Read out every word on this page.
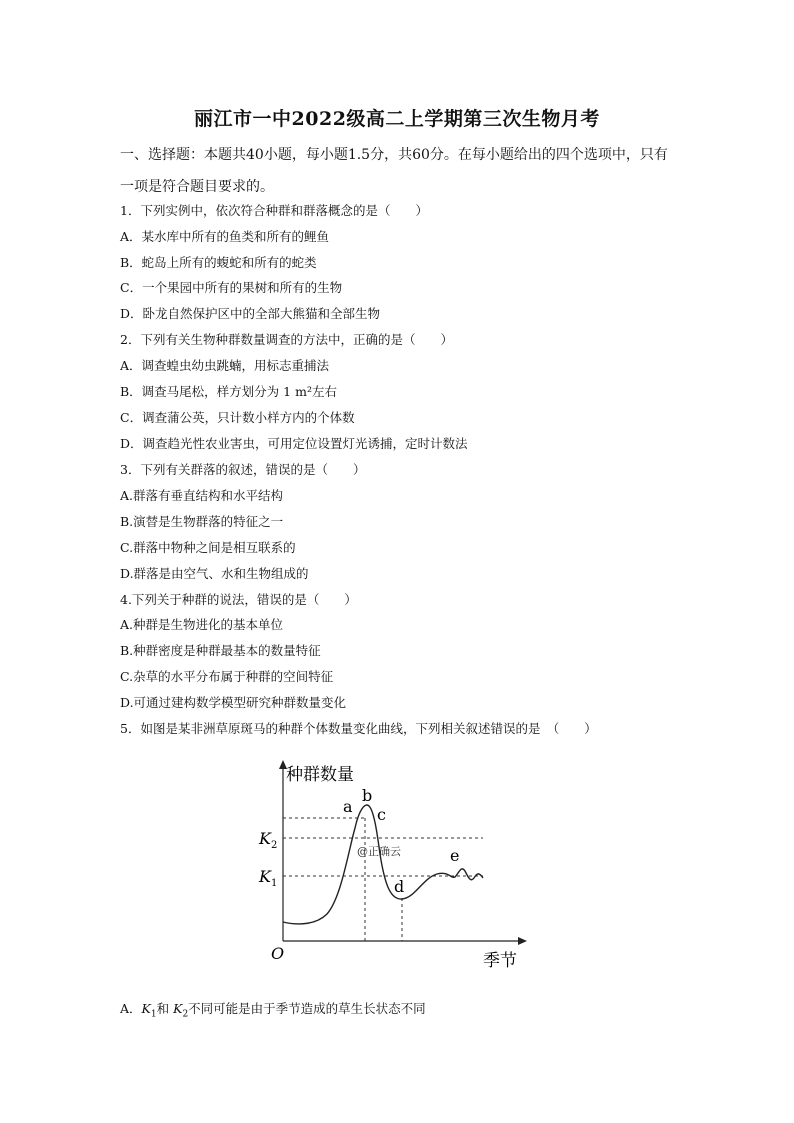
丽江市一中2022级高二上学期第三次生物月考
一、选择题：本题共40小题，每小题1.5分，共60分。在每小题给出的四个选项中，只有
一项是符合题目要求的。
1．下列实例中，依次符合种群和群落概念的是（　　）
A．某水库中所有的鱼类和所有的鲤鱼
B．蛇岛上所有的蝮蛇和所有的蛇类
C．一个果园中所有的果树和所有的生物
D．卧龙自然保护区中的全部大熊猫和全部生物
2．下列有关生物种群数量调查的方法中，正确的是（　　）
A．调查蝗虫幼虫跳蝻，用标志重捕法
B．调查马尾松，样方划分为 1 m²左右
C．调查蒲公英，只计数小样方内的个体数
D．调查趋光性农业害虫，可用定位设置灯光诱捕，定时计数法
3．下列有关群落的叙述，错误的是（　　）
A.群落有垂直结构和水平结构
B.演替是生物群落的特征之一
C.群落中物种之间是相互联系的
D.群落是由空气、水和生物组成的
4.下列关于种群的说法，错误的是（　　）
A.种群是生物进化的基本单位
B.种群密度是种群最基本的数量特征
C.杂草的水平分布属于种群的空间特征
D.可通过建构数学模型研究种群数量变化
5．如图是某非洲草原斑马的种群个体数量变化曲线，下列相关叙述错误的是　（　　）
种群数量
季节
O
K 2
K 1
a
b
c
d
e
@正确云
A．$K_1$和 $K_2$不同可能是由于季节造成的草生长状态不同
